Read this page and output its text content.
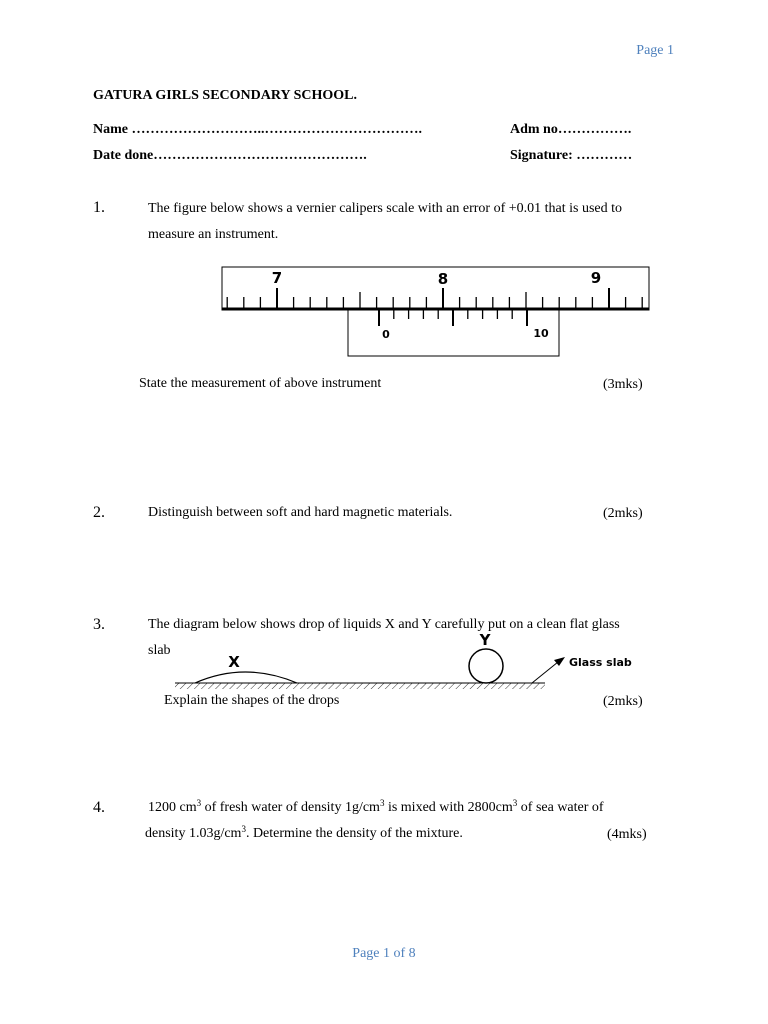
Page 1
GATURA GIRLS SECONDARY SCHOOL.
Name ………………………..…………………………….	Adm no…………….
Date done……………………………………….	Signature: …………
1.	The figure below shows a vernier calipers scale with an error of +0.01 that is used to
measure an instrument.
7	8	9
0	10
State the measurement of above instrument	(3mks)
2.	Distinguish between soft and hard magnetic materials.	(2mks)
3.	The diagram below shows drop of liquids X and Y carefully put on a clean flat glass
slab
X
Y
Glass slab
Explain the shapes of the drops	(2mks)
4.	1200 $cm^3$ of fresh water of density $1g/cm^3$ is mixed with $2800cm^3$ of sea water of
density $1.03g/cm^3$. Determine the density of the mixture.	(4mks)
Page 1 of 8
